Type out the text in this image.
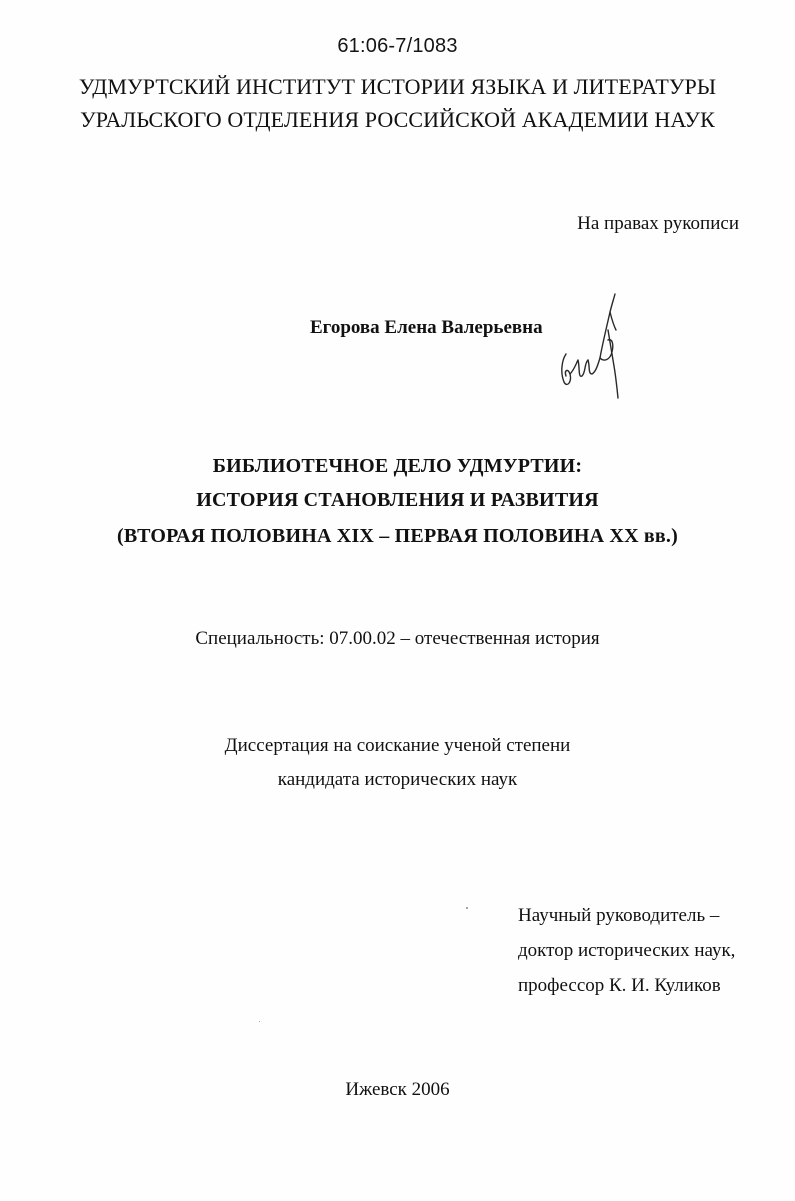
61:06-7/1083
УДМУРТСКИЙ ИНСТИТУТ ИСТОРИИ ЯЗЫКА И ЛИТЕРАТУРЫ
УРАЛЬСКОГО ОТДЕЛЕНИЯ РОССИЙСКОЙ АКАДЕМИИ НАУК
На правах рукописи
Егорова Елена Валерьевна
БИБЛИОТЕЧНОЕ ДЕЛО УДМУРТИИ:
ИСТОРИЯ СТАНОВЛЕНИЯ И РАЗВИТИЯ
(ВТОРАЯ ПОЛОВИНА XIX – ПЕРВАЯ ПОЛОВИНА XX вв.)
Специальность: 07.00.02 – отечественная история
Диссертация на соискание ученой степени
кандидата исторических наук
Научный руководитель –
доктор исторических наук,
профессор К. И. Куликов
Ижевск 2006
